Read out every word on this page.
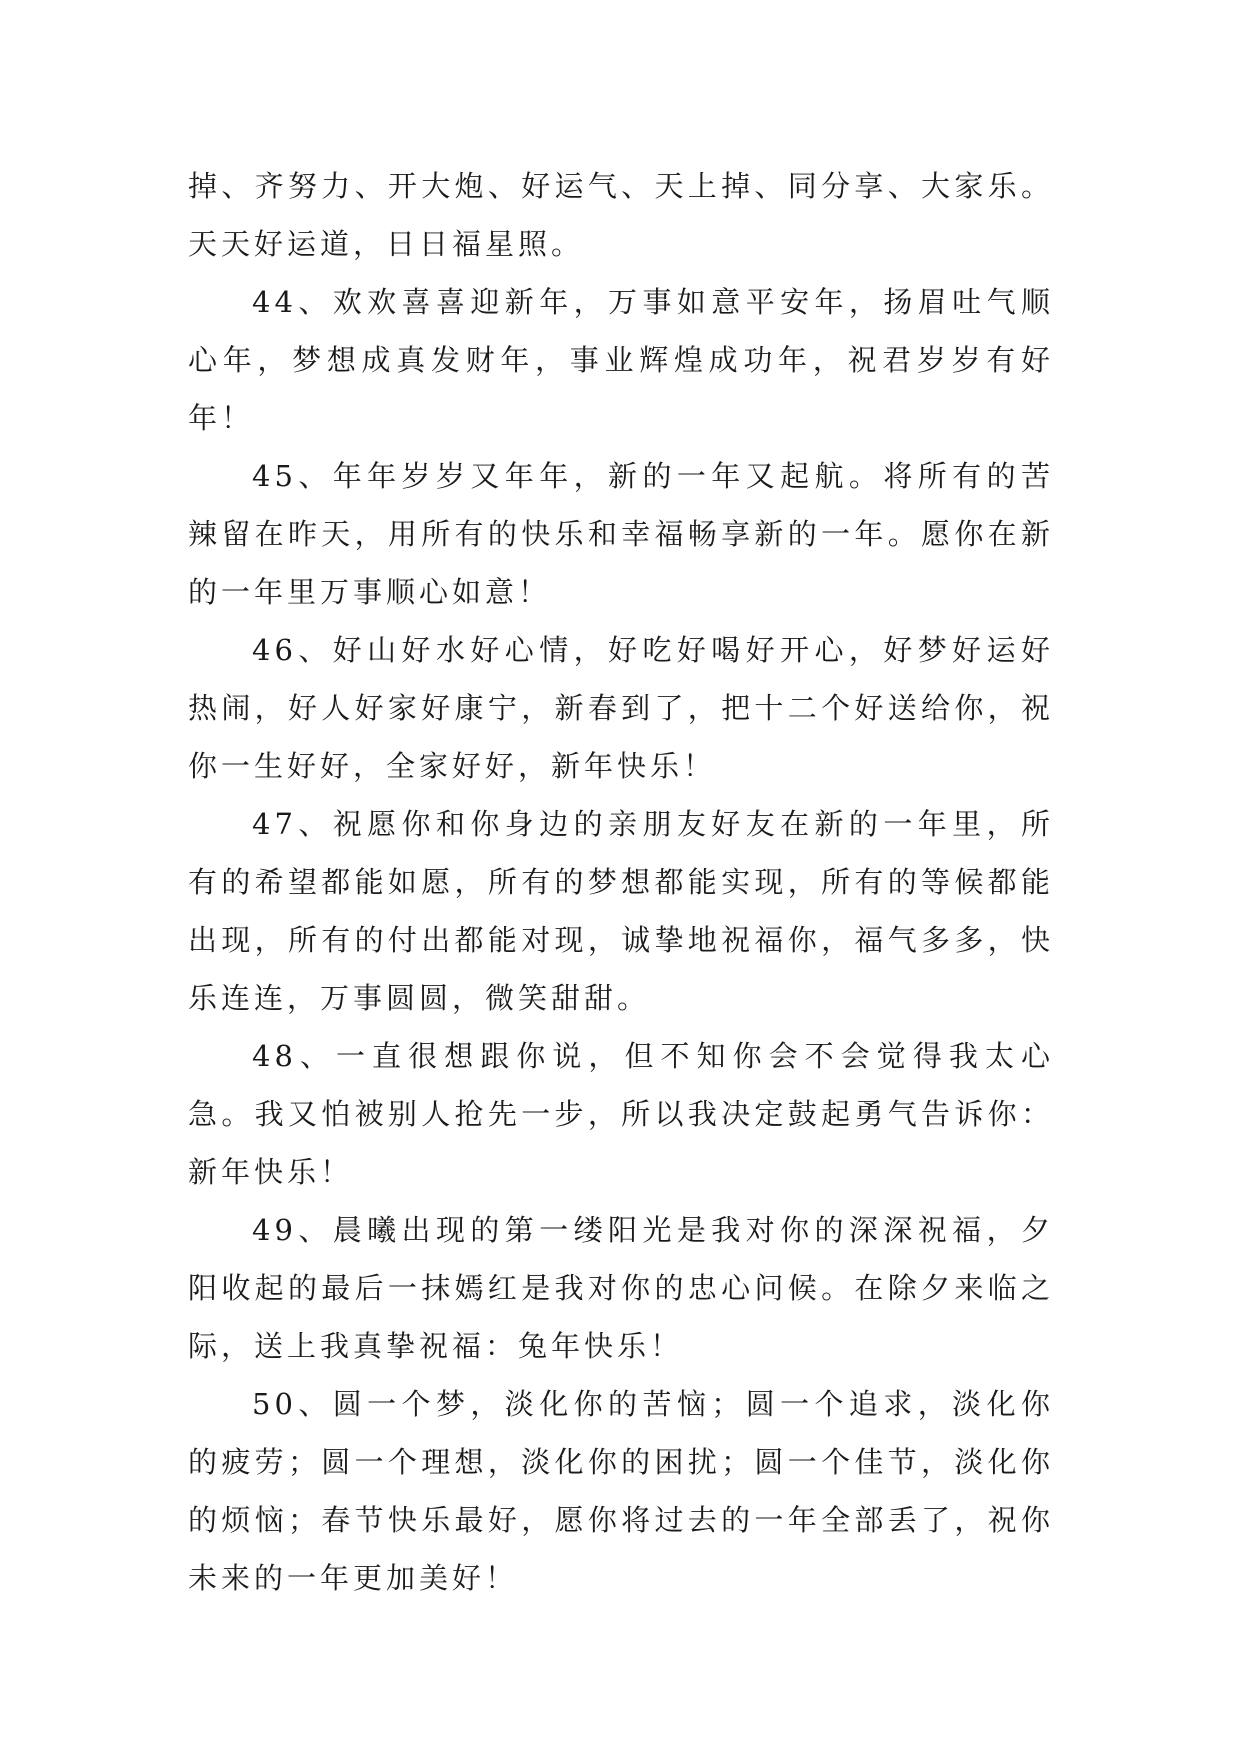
掉、齐努力、开大炮、好运气、天上掉、同分享、大家乐。天天好运道，日日福星照。

44、欢欢喜喜迎新年，万事如意平安年，扬眉吐气顺心年，梦想成真发财年，事业辉煌成功年，祝君岁岁有好年！

45、年年岁岁又年年，新的一年又起航。将所有的苦辣留在昨天，用所有的快乐和幸福畅享新的一年。愿你在新的一年里万事顺心如意！

46、好山好水好心情，好吃好喝好开心，好梦好运好热闹，好人好家好康宁，新春到了，把十二个好送给你，祝你一生好好，全家好好，新年快乐！

47、祝愿你和你身边的亲朋友好友在新的一年里，所有的希望都能如愿，所有的梦想都能实现，所有的等候都能出现，所有的付出都能对现，诚挚地祝福你，福气多多，快乐连连，万事圆圆，微笑甜甜。

48、一直很想跟你说，但不知你会不会觉得我太心急。我又怕被别人抢先一步，所以我决定鼓起勇气告诉你：新年快乐！

49、晨曦出现的第一缕阳光是我对你的深深祝福，夕阳收起的最后一抹嫣红是我对你的忠心问候。在除夕来临之际，送上我真挚祝福：兔年快乐！

50、圆一个梦，淡化你的苦恼；圆一个追求，淡化你的疲劳；圆一个理想，淡化你的困扰；圆一个佳节，淡化你的烦恼；春节快乐最好，愿你将过去的一年全部丢了，祝你未来的一年更加美好！
